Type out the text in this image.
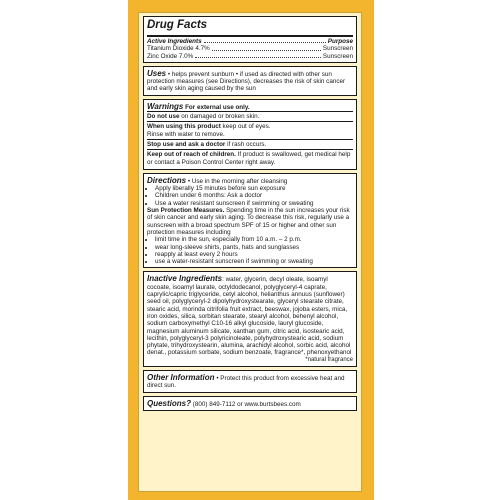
Drug Facts
Active Ingredients	Purpose
Titanium Dioxide 4.7%	Sunscreen
Zinc Oxide 7.0%	Sunscreen
Uses • helps prevent sunburn • if used as directed with other sun protection measures (see Directions), decreases the risk of skin cancer and early skin aging caused by the sun
Warnings For external use only.
Do not use on damaged or broken skin.
When using this product keep out of eyes.
Rinse with water to remove.
Stop use and ask a doctor if rash occurs.
Keep out of reach of children. If product is swallowed, get medical help or contact a Poison Control Center right away.
Directions • Use in the morning after cleansing
• Apply liberally 15 minutes before sun exposure
• Children under 6 months: Ask a doctor
• Use a water resistant sunscreen if swimming or sweating
Sun Protection Measures. Spending time in the sun increases your risk of skin cancer and early skin aging. To decrease this risk, regularly use a sunscreen with a broad spectrum SPF of 15 or higher and other sun protection measures including
• limit time in the sun, especially from 10 a.m. – 2 p.m.
• wear long-sleeve shirts, pants, hats and sunglasses
• reapply at least every 2 hours
• use a water-resistant sunscreen if swimming or sweating
Inactive Ingredients: water, glycerin, decyl oleate, isoamyl cocoate, isoamyl laurate, octyldodecanol, polyglyceryl-4 caprate, caprylic/capric triglyceride, cetyl alcohol, helianthus annuus (sunflower) seed oil, polyglyceryl-2 dipolyhydroxystearate, glyceryl stearate citrate, stearic acid, morinda citrifolia fruit extract, beeswax, jojoba esters, mica, iron oxides, silica, sorbitan stearate, stearyl alcohol, behenyl alcohol, sodium carboxymethyl C10-16 alkyl glucoside, lauryl glucoside, magnesium aluminum silicate, xanthan gum, citric acid, isostearic acid, lecithin, polyglyceryl-3 polyricinoleate, polyhydroxystearic acid, sodium phytate, trihydroxystearin, alumina, arachidyl alcohol, sorbic acid, alcohol denat., potassium sorbate, sodium benzoate, fragrance*, phenoxyethanol
*natural fragrance
Other Information • Protect this product from excessive heat and direct sun.
Questions? (800) 849-7112 or www.burtsbees.com
